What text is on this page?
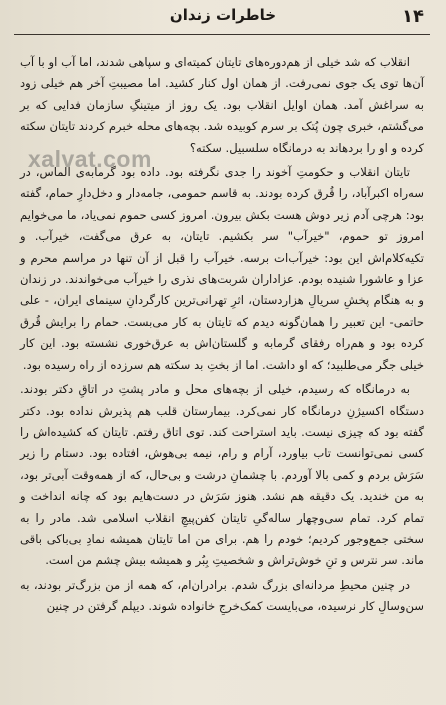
۱۴
خاطرات زندان

انقلاب که شد خیلی از هم‌دوره‌های تایتان کمیته‌ای و سپاهی شدند، اما آب او با آب آن‌ها توی یک جوی نمی‌رفت. از همان اول کنار کشید. اما مصیبتِ آخر هم خیلی زود به سراغش آمد. همان اوایل انقلاب بود. یک روز از میتینگِ سازمان فدایی که بر می‌گشتم، خبری چون پُتک بر سرم کوبیده شد. بچه‌های محله خبرم کردند تایتان سکته کرده و او را بردهاند به درمانگاه سلسبیل. سکته؟

تایتان انقلاب و حکومتِ آخوند را جدی نگرفته بود. داده بود گرمابه‌ی الماس، در سه‌راه اکبرآباد، را قُرق کرده بودند. به قاسم حمومی، جامه‌دار و دخل‌دارِ حمام، گفته بود: هرچی آدم زیر دوش هست بکش بیرون. امروز کسی حموم نمی‌یاد، ما می‌خوایم امروز تو حموم، "خیرآب" سر بکشیم. تایتان، به عرق می‌گفت، خیرآب. و تکیه‌کلام‌اش این بود: خیرآب‌ات برسه. خیرآب را قبل از آن تنها در مراسم محرم و عزا و عاشورا شنیده بودم. عزاداران شربت‌های نذری را خیرآب می‌خواندند. در زندان و به هنگام پخشِ سریالِ هزاردستان، اثرِ تهرانی‌ترین کارگردانِ سینمای ایران، - علی حاتمی- این تعبیر را همان‌گونه دیدم که تایتان به کار می‌بست. حمام را برایش قُرق کرده بود و هم‌راه رفقای گرمابه و گلستان‌اش به عرق‌خوری نشسته بود. این کار خیلی جگر می‌طلبید؛ که او داشت. اما از بختِ بد سکته هم سرزده از راه رسیده بود.

به درمانگاه که رسیدم، خیلی از بچه‌های محل و مادر پشتِ در اتاقِ دکتر بودند. دستگاه اکسیژنِ درمانگاه کار نمی‌کرد. بیمارستان قلب هم پذیرش نداده بود. دکتر گفته بود که چیزی نیست. باید استراحت کند. توی اتاق رفتم. تایتان که کشیده‌اش را کسی نمی‌توانست تاب بیاورد، آرام و رام، نیمه بی‌هوش، افتاده بود. دستام را زیر سَرَش بردم و کمی بالا آوردم. با چشمانِ درشت و بی‌حال، که از همه‌وقت آبی‌تر بود، به من خندید. یک دقیقه هم نشد. هنوز سَرَش در دست‌هایم بود که چانه انداخت و تمام کرد. تمام سی‌وچهار ساله‌گیِ تایتان کفن‌پیچِ انقلاب اسلامی شد. مادر را به سختی جمع‌وجور کردیم؛ خودم را هم. برای من اما تایتان همیشه نمادِ بی‌باکی باقی ماند. سر نترس و تنِ خوش‌تراش و شخصیتِ بِبُر و همیشه بیش چشم من است.

در چنین محیطِ مردانه‌ای بزرگ شدم. برادران‌ام، که همه از من بزرگ‌تر بودند، به سن‌وسالِ کار نرسیده، می‌بایست کمک‌خرجِ خانواده شوند. دیپلم گرفتن در چنین

xalvat.com
